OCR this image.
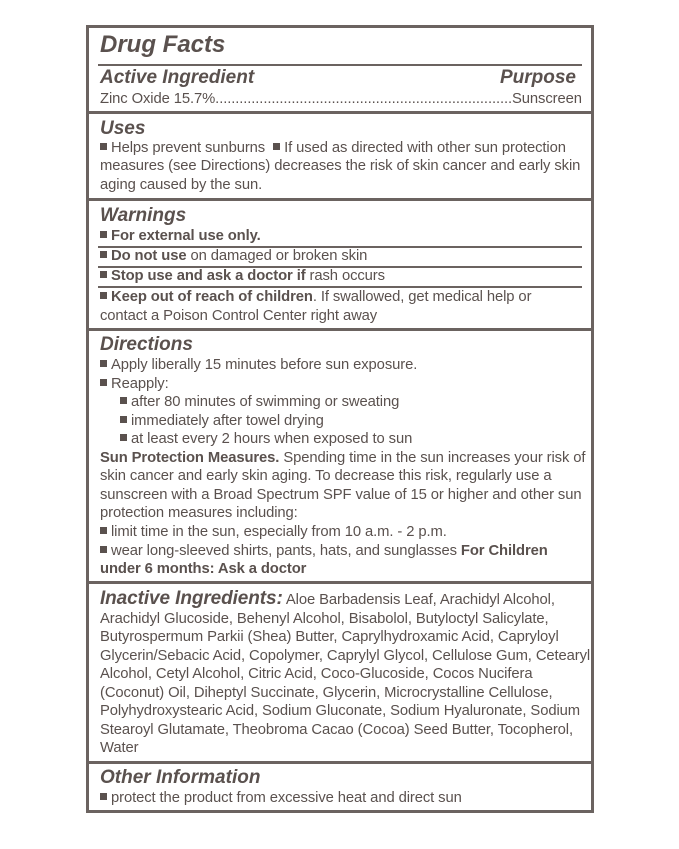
Drug Facts
Active Ingredient	Purpose
Zinc Oxide 15.7%..........................................................................Sunscreen
Uses
Helps prevent sunburns If used as directed with other sun protection
measures (see Directions) decreases the risk of skin cancer and early skin
aging caused by the sun.
Warnings
For external use only.
Do not use on damaged or broken skin
Stop use and ask a doctor if rash occurs
Keep out of reach of children. If swallowed, get medical help or
contact a Poison Control Center right away
Directions
Apply liberally 15 minutes before sun exposure.
Reapply:
after 80 minutes of swimming or sweating
immediately after towel drying
at least every 2 hours when exposed to sun
Sun Protection Measures. Spending time in the sun increases your risk of
skin cancer and early skin aging. To decrease this risk, regularly use a
sunscreen with a Broad Spectrum SPF value of 15 or higher and other sun
protection measures including:
limit time in the sun, especially from 10 a.m. - 2 p.m.
wear long-sleeved shirts, pants, hats, and sunglasses For Children
under 6 months: Ask a doctor
Inactive Ingredients: Aloe Barbadensis Leaf, Arachidyl Alcohol,
Arachidyl Glucoside, Behenyl Alcohol, Bisabolol, Butyloctyl Salicylate,
Butyrospermum Parkii (Shea) Butter, Caprylhydroxamic Acid, Capryloyl
Glycerin/Sebacic Acid, Copolymer, Caprylyl Glycol, Cellulose Gum, Cetearyl
Alcohol, Cetyl Alcohol, Citric Acid, Coco-Glucoside, Cocos Nucifera
(Coconut) Oil, Diheptyl Succinate, Glycerin, Microcrystalline Cellulose,
Polyhydroxystearic Acid, Sodium Gluconate, Sodium Hyaluronate, Sodium
Stearoyl Glutamate, Theobroma Cacao (Cocoa) Seed Butter, Tocopherol,
Water
Other Information
protect the product from excessive heat and direct sun
